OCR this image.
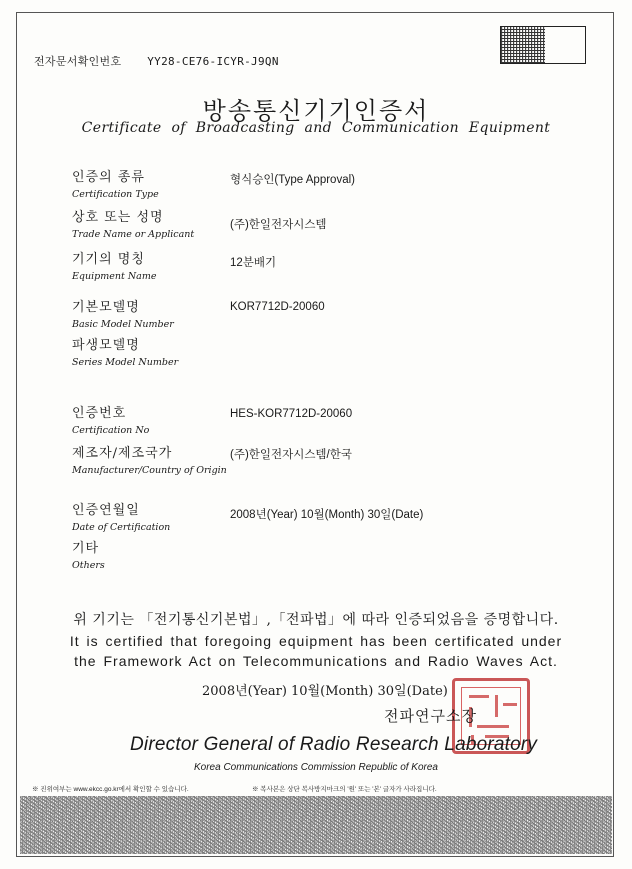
전자문서확인번호 YY28-CE76-ICYR-J9QN
방송통신기기인증서
Certificate of Broadcasting and Communication Equipment
인증의 종류
Certification Type
형식승인(Type Approval)
상호 또는 성명
Trade Name or Applicant
(주)한일전자시스템
기기의 명칭
Equipment Name
12분배기
기본모델명
Basic Model Number
KOR7712D-20060
파생모델명
Series Model Number
인증번호
Certification No
HES-KOR7712D-20060
제조자/제조국가
Manufacturer/Country of Origin
(주)한일전자시스템/한국
인증연월일
Date of Certification
2008년(Year) 10월(Month) 30일(Date)
기타
Others
위 기기는 「전기통신기본법」,「전파법」에 따라 인증되었음을 증명합니다.
It is certified that foregoing equipment has been certificated under
the Framework Act on Telecommunications and Radio Waves Act.
2008년(Year) 10월(Month) 30일(Date)
전파연구소장
Director General of Radio Research Laboratory
Korea Communications Commission Republic of Korea
※ 진위여부는 www.ekcc.go.kr에서 확인할 수 있습니다.	※ 복사본은 상단 복사방지마크의 '원' 또는 '본' 글자가 사라집니다.
